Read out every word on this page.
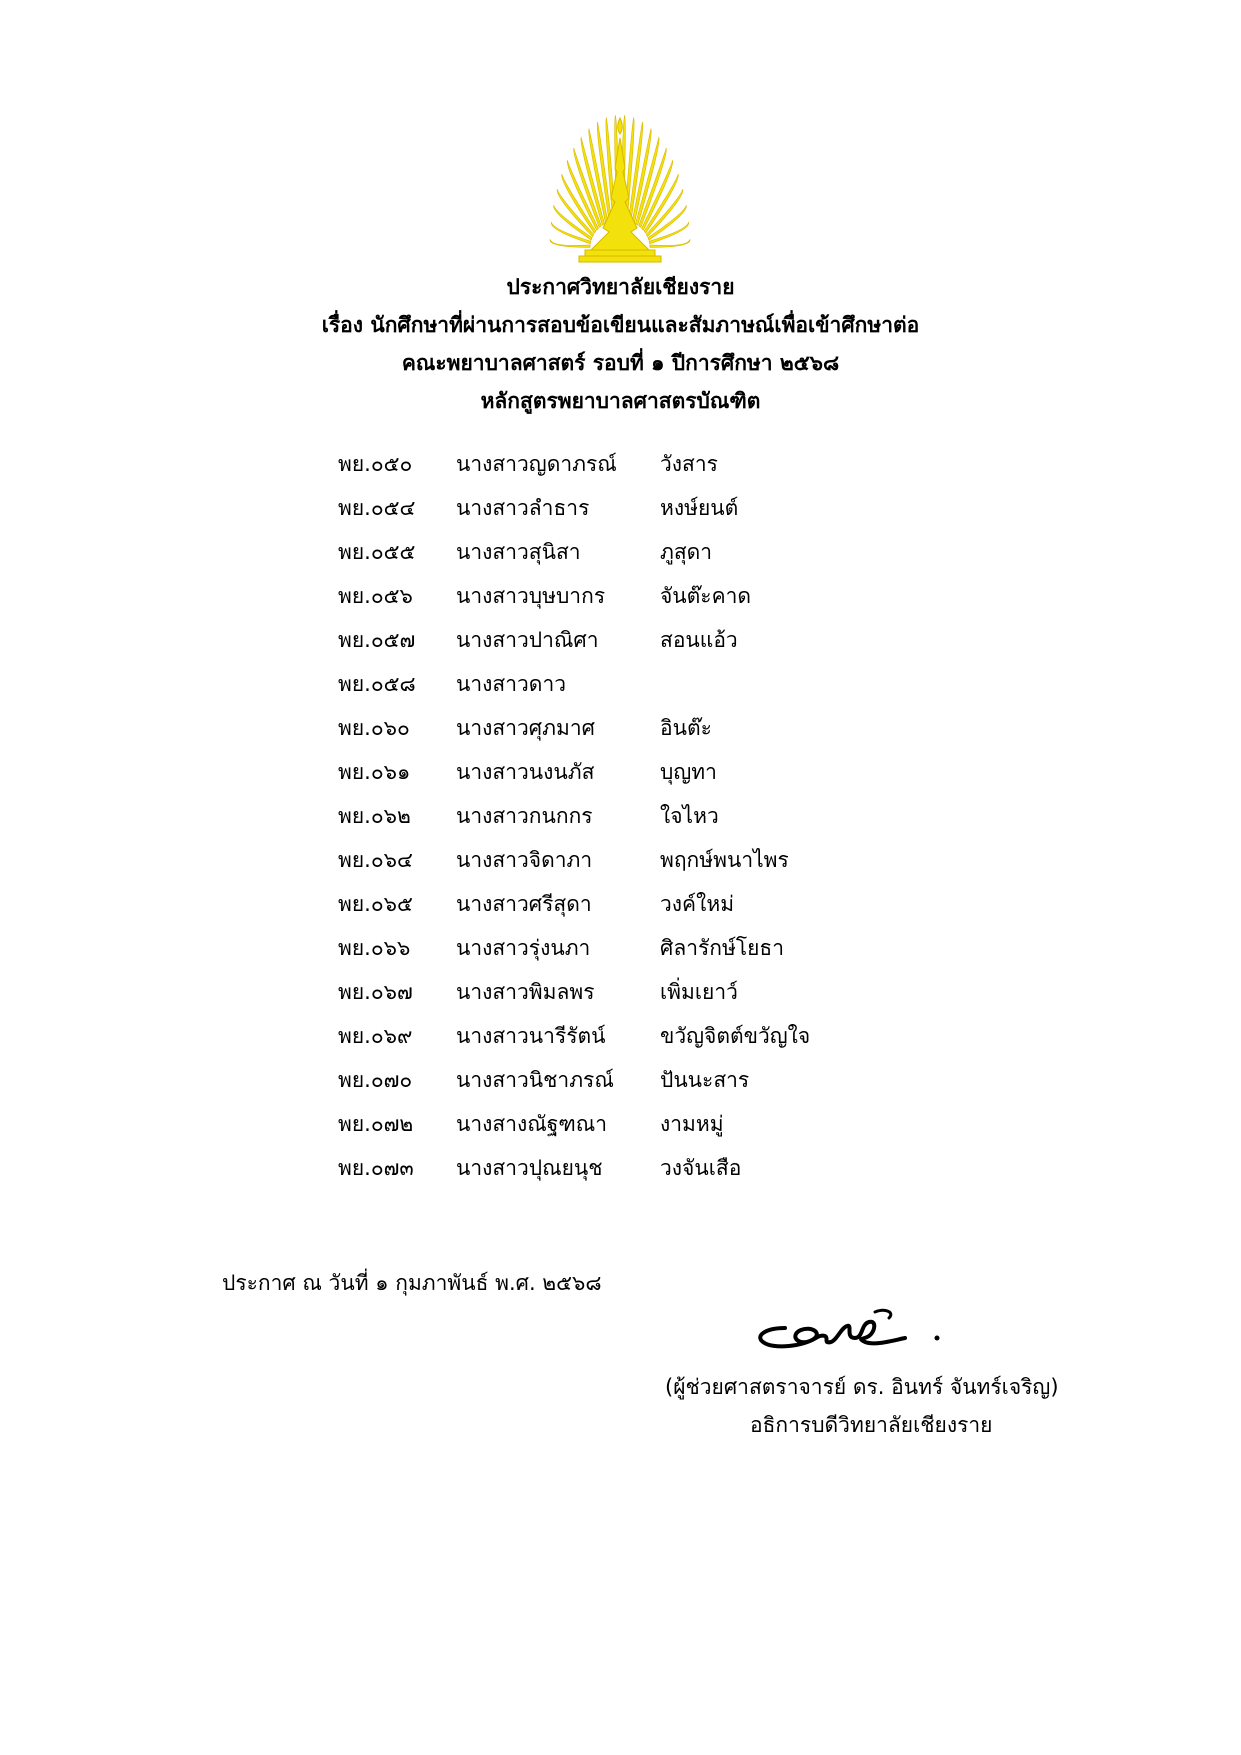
ประกาศวิทยาลัยเชียงราย
เรื่อง นักศึกษาที่ผ่านการสอบข้อเขียนและสัมภาษณ์เพื่อเข้าศึกษาต่อ
คณะพยาบาลศาสตร์ รอบที่ ๑ ปีการศึกษา ๒๕๖๘
หลักสูตรพยาบาลศาสตรบัณฑิต
พย.๐๕๐ นางสาวญดาภรณ์ วังสาร
พย.๐๕๔ นางสาวลำธาร	หงษ์ยนต์
พย.๐๕๕ นางสาวสุนิสา	ภูสุดา
พย.๐๕๖ นางสาวบุษบากร	จันต๊ะคาด
พย.๐๕๗ นางสาวปาณิศา	สอนแอ้ว
พย.๐๕๘ นางสาวดาว
พย.๐๖๐ นางสาวศุภมาศ	อินต๊ะ
พย.๐๖๑ นางสาวนงนภัส	บุญทา
พย.๐๖๒ นางสาวกนกกร	ใจไหว
พย.๐๖๔ นางสาวจิดาภา	พฤกษ์พนาไพร
พย.๐๖๕ นางสาวศรีสุดา	วงค์ใหม่
พย.๐๖๖ นางสาวรุ่งนภา	ศิลารักษ์โยธา
พย.๐๖๗ นางสาวพิมลพร	เพิ่มเยาว์
พย.๐๖๙ นางสาวนารีรัตน์	ขวัญจิตต์ขวัญใจ
พย.๐๗๐ นางสาวนิชาภรณ์ ปันนะสาร
พย.๐๗๒ นางสางณัฐฑณา	งามหมู่
พย.๐๗๓ นางสาวปุณยนุช	วงจันเสือ
ประกาศ ณ วันที่ ๑ กุมภาพันธ์ พ.ศ. ๒๕๖๘
(ผู้ช่วยศาสตราจารย์ ดร. อินทร์ จันทร์เจริญ)
อธิการบดีวิทยาลัยเชียงราย
